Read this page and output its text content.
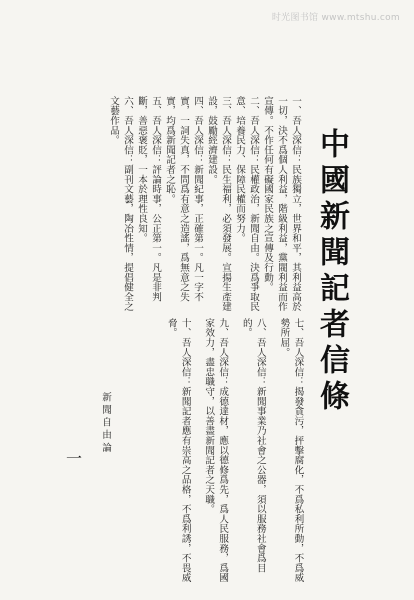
时光图书馆 www.mtshu.com
中國新聞記者信條

一、吾人深信：民族獨立，世界和平，其利益高於一切，決不爲個人利益，階級利益，黨閥利益而作宣傳。不作任何有礙國家民族之宣傳及行動。

二、吾人深信：民權政治，新聞自由。決爲爭取民意、培養民力、保障民權而努力。

三、吾人深信：民生福利，必須發展。宣揚生產建設，鼓勵經濟建設。

四、吾人深信：新聞紀事，正確第一。凡一字不實，一詞失真，不問爲有意之造謠，爲無意之失實，均爲新聞記者之恥。

五、吾人深信：評論時事，公正第一。凡是非判斷，善惡褒貶，一本於理性良知。

六、吾人深信：副刊文藝，陶冶性情，提倡健全之文藝作品。

七、吾人深信：揭發貪污，抨擊腐化，不爲私利所動，不爲威勢所屈。

八、吾人深信：新聞事業乃社會之公器，須以服務社會爲目的。

九、吾人深信：成德達材，應以德修爲先，爲人民服務，爲國家效力，盡忠職守，以善盡新聞記者之天職。

十、吾人深信：新聞記者應有崇高之品格，不爲利誘，不畏威脅。

新聞自由論
一
